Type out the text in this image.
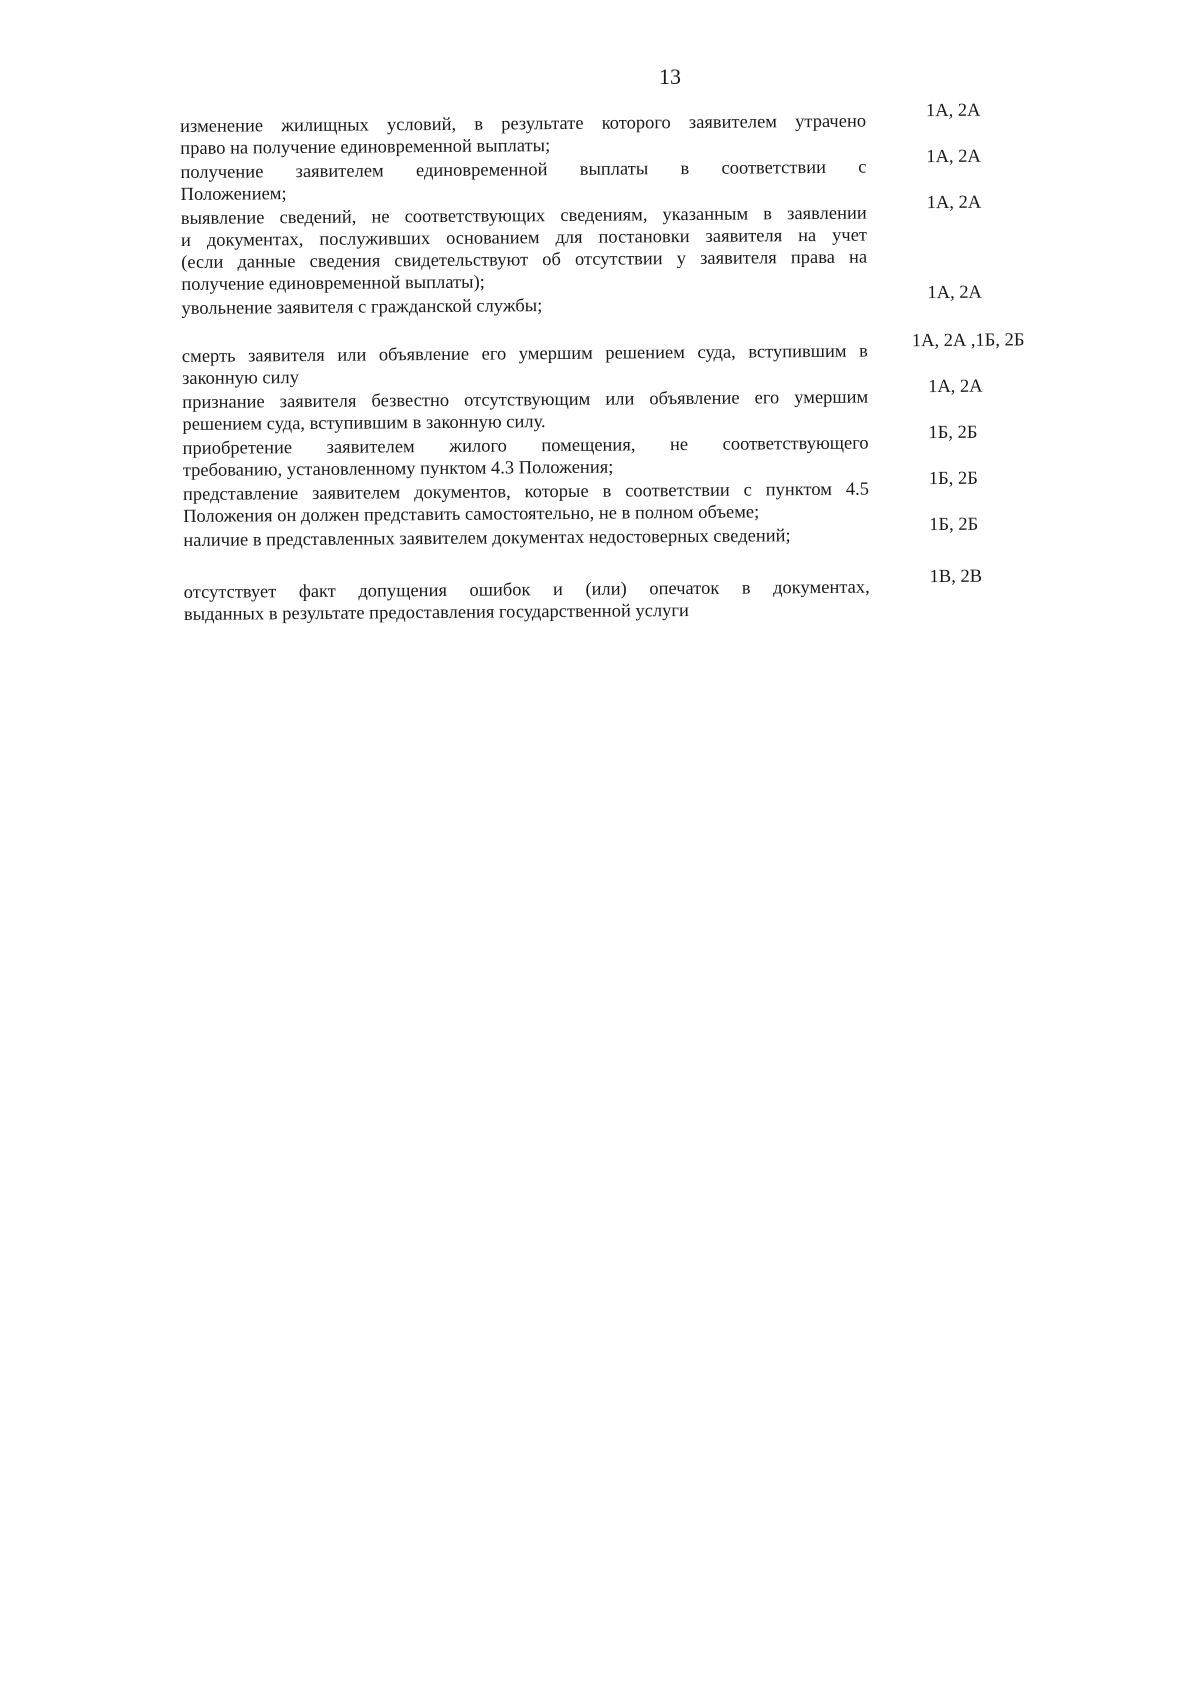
13
изменение жилищных условий, в результате которого заявителем утрачено
право на получение единовременной выплаты;
1А, 2А
получение заявителем единовременной выплаты в соответствии с
Положением;
1А, 2А
выявление сведений, не соответствующих сведениям, указанным в заявлении
и документах, послуживших основанием для постановки заявителя на учет
(если данные сведения свидетельствуют об отсутствии у заявителя права на
получение единовременной выплаты);
1А, 2А
увольнение заявителя с гражданской службы;
1А, 2А
смерть заявителя или объявление его умершим решением суда, вступившим в
законную силу
1А, 2А ,1Б, 2Б
признание заявителя безвестно отсутствующим или объявление его умершим
решением суда, вступившим в законную силу.
1А, 2А
приобретение заявителем жилого помещения, не соответствующего
требованию, установленному пунктом 4.3 Положения;
1Б, 2Б
представление заявителем документов, которые в соответствии с пунктом 4.5
Положения он должен представить самостоятельно, не в полном объеме;
1Б, 2Б
наличие в представленных заявителем документах недостоверных сведений;
1Б, 2Б
отсутствует факт допущения ошибок и (или) опечаток в документах,
выданных в результате предоставления государственной услуги
1В, 2В
